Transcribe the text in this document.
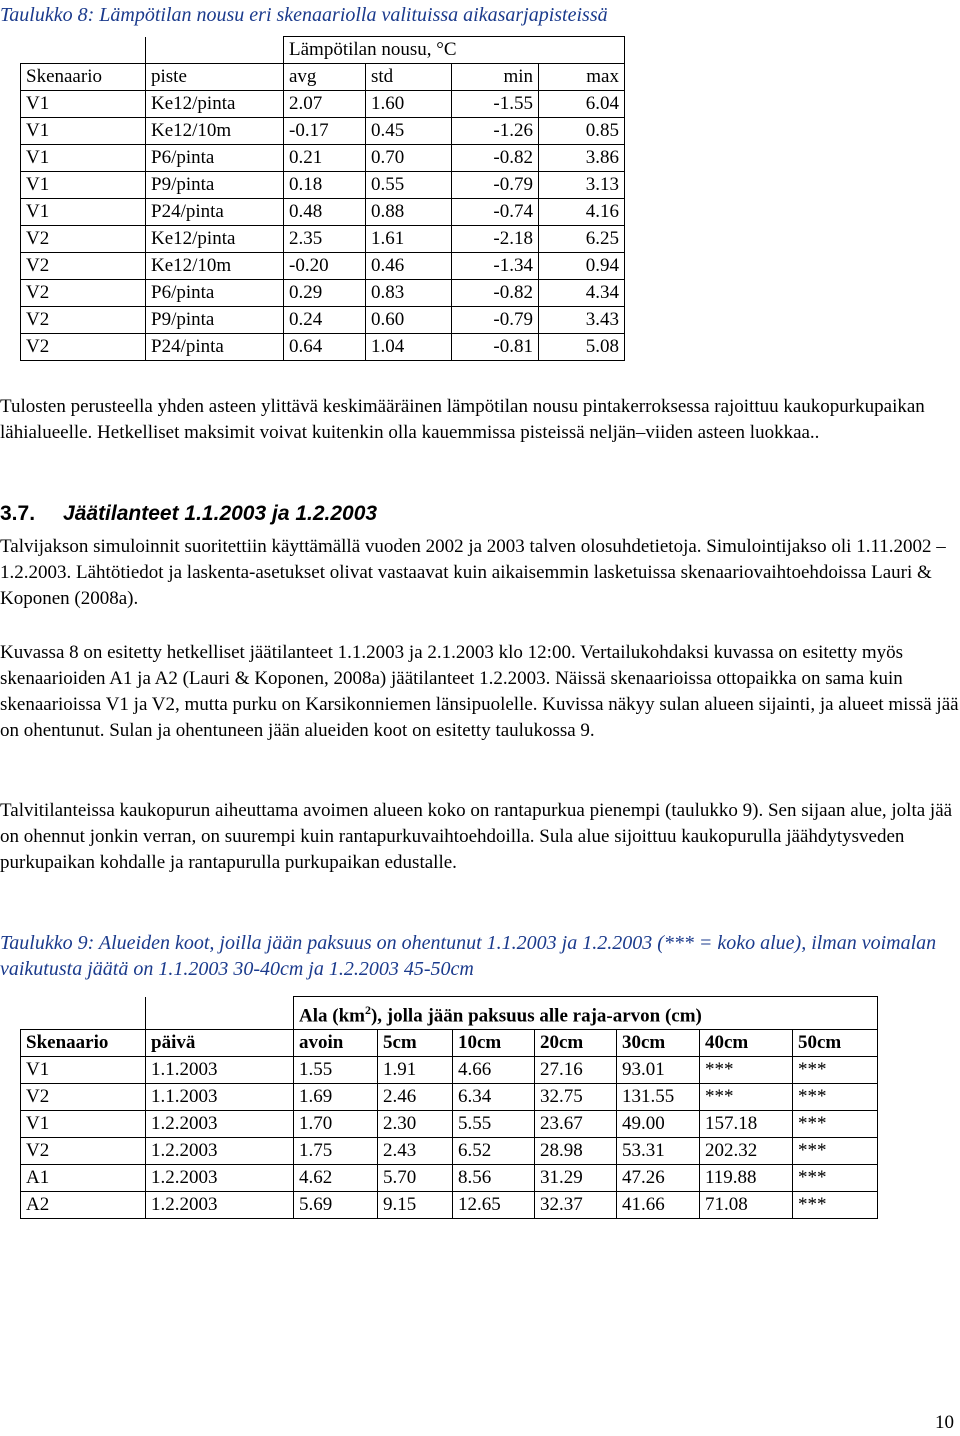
Taulukko 8: Lämpötilan nousu eri skenaariolla valituissa aikasarjapisteissä

		Lämpötilan nousu, °C			
Skenaario	piste	avg	std	min	max
V1	Ke12/pinta	2.07	1.60	-1.55	6.04
V1	Ke12/10m	-0.17	0.45	-1.26	0.85
V1	P6/pinta	0.21	0.70	-0.82	3.86
V1	P9/pinta	0.18	0.55	-0.79	3.13
V1	P24/pinta	0.48	0.88	-0.74	4.16
V2	Ke12/pinta	2.35	1.61	-2.18	6.25
V2	Ke12/10m	-0.20	0.46	-1.34	0.94
V2	P6/pinta	0.29	0.83	-0.82	4.34
V2	P9/pinta	0.24	0.60	-0.79	3.43
V2	P24/pinta	0.64	1.04	-0.81	5.08

Tulosten perusteella yhden asteen ylittävä keskimääräinen lämpötilan nousu pintakerroksessa rajoittuu kaukopurkupaikan lähialueelle. Hetkelliset maksimit voivat kuitenkin olla kauemmissa pisteissä neljän–viiden asteen luokkaa..

3.7. Jäätilanteet 1.1.2003 ja 1.2.2003

Talvijakson simuloinnit suoritettiin käyttämällä vuoden 2002 ja 2003 talven olosuhdetietoja. Simulointijakso oli 1.11.2002 – 1.2.2003. Lähtötiedot ja laskenta-asetukset olivat vastaavat kuin aikaisemmin lasketuissa skenaariovaihtoehdoissa Lauri & Koponen (2008a).

Kuvassa 8 on esitetty hetkelliset jäätilanteet 1.1.2003 ja 2.1.2003 klo 12:00. Vertailukohdaksi kuvassa on esitetty myös skenaarioiden A1 ja A2 (Lauri & Koponen, 2008a) jäätilanteet 1.2.2003. Näissä skenaarioissa ottopaikka on sama kuin skenaarioissa V1 ja V2, mutta purku on Karsikonniemen länsipuolelle. Kuvissa näkyy sulan alueen sijainti, ja alueet missä jää on ohentunut. Sulan ja ohentuneen jään alueiden koot on esitetty taulukossa 9.

Talvitilanteissa kaukopurun aiheuttama avoimen alueen koko on rantapurkua pienempi (taulukko 9). Sen sijaan alue, jolta jää on ohennut jonkin verran, on suurempi kuin rantapurkuvaihtoehdoilla. Sula alue sijoittuu kaukopurulla jäähdytysveden purkupaikan kohdalle ja rantapurulla purkupaikan edustalle.

Taulukko 9: Alueiden koot, joilla jään paksuus on ohentunut 1.1.2003 ja 1.2.2003 (*** = koko alue), ilman voimalan vaikutusta jäätä on 1.1.2003 30-40cm ja 1.2.2003 45-50cm

		Ala $(km^2)$, jolla jään paksuus alle raja-arvon (cm)						
Skenaario	päivä	avoin	5cm	10cm	20cm	30cm	40cm	50cm
V1	1.1.2003	1.55	1.91	4.66	27.16	93.01	***	***
V2	1.1.2003	1.69	2.46	6.34	32.75	131.55	***	***
V1	1.2.2003	1.70	2.30	5.55	23.67	49.00	157.18	***
V2	1.2.2003	1.75	2.43	6.52	28.98	53.31	202.32	***
A1	1.2.2003	4.62	5.70	8.56	31.29	47.26	119.88	***
A2	1.2.2003	5.69	9.15	12.65	32.37	41.66	71.08	***
10
